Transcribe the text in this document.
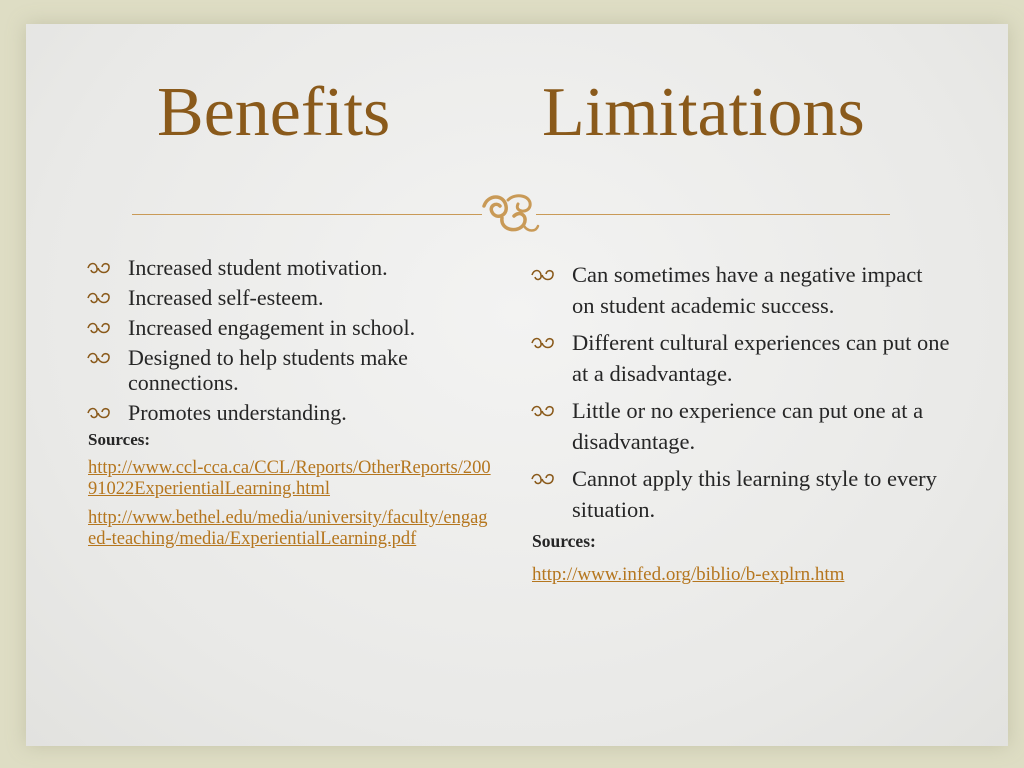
Benefits Limitations
Increased student motivation.
Increased self-esteem.
Increased engagement in school.
Designed to help students make connections.
Promotes understanding.
Sources:
http://www.ccl-cca.ca/CCL/Reports/OtherReports/20091022ExperientialLearning.html
http://www.bethel.edu/media/university/faculty/engaged-teaching/media/ExperientialLearning.pdf
Can sometimes have a negative impact on student academic success.
Different cultural experiences can put one at a disadvantage.
Little or no experience can put one at a disadvantage.
Cannot apply this learning style to every situation.
Sources:
http://www.infed.org/biblio/b-explrn.htm
